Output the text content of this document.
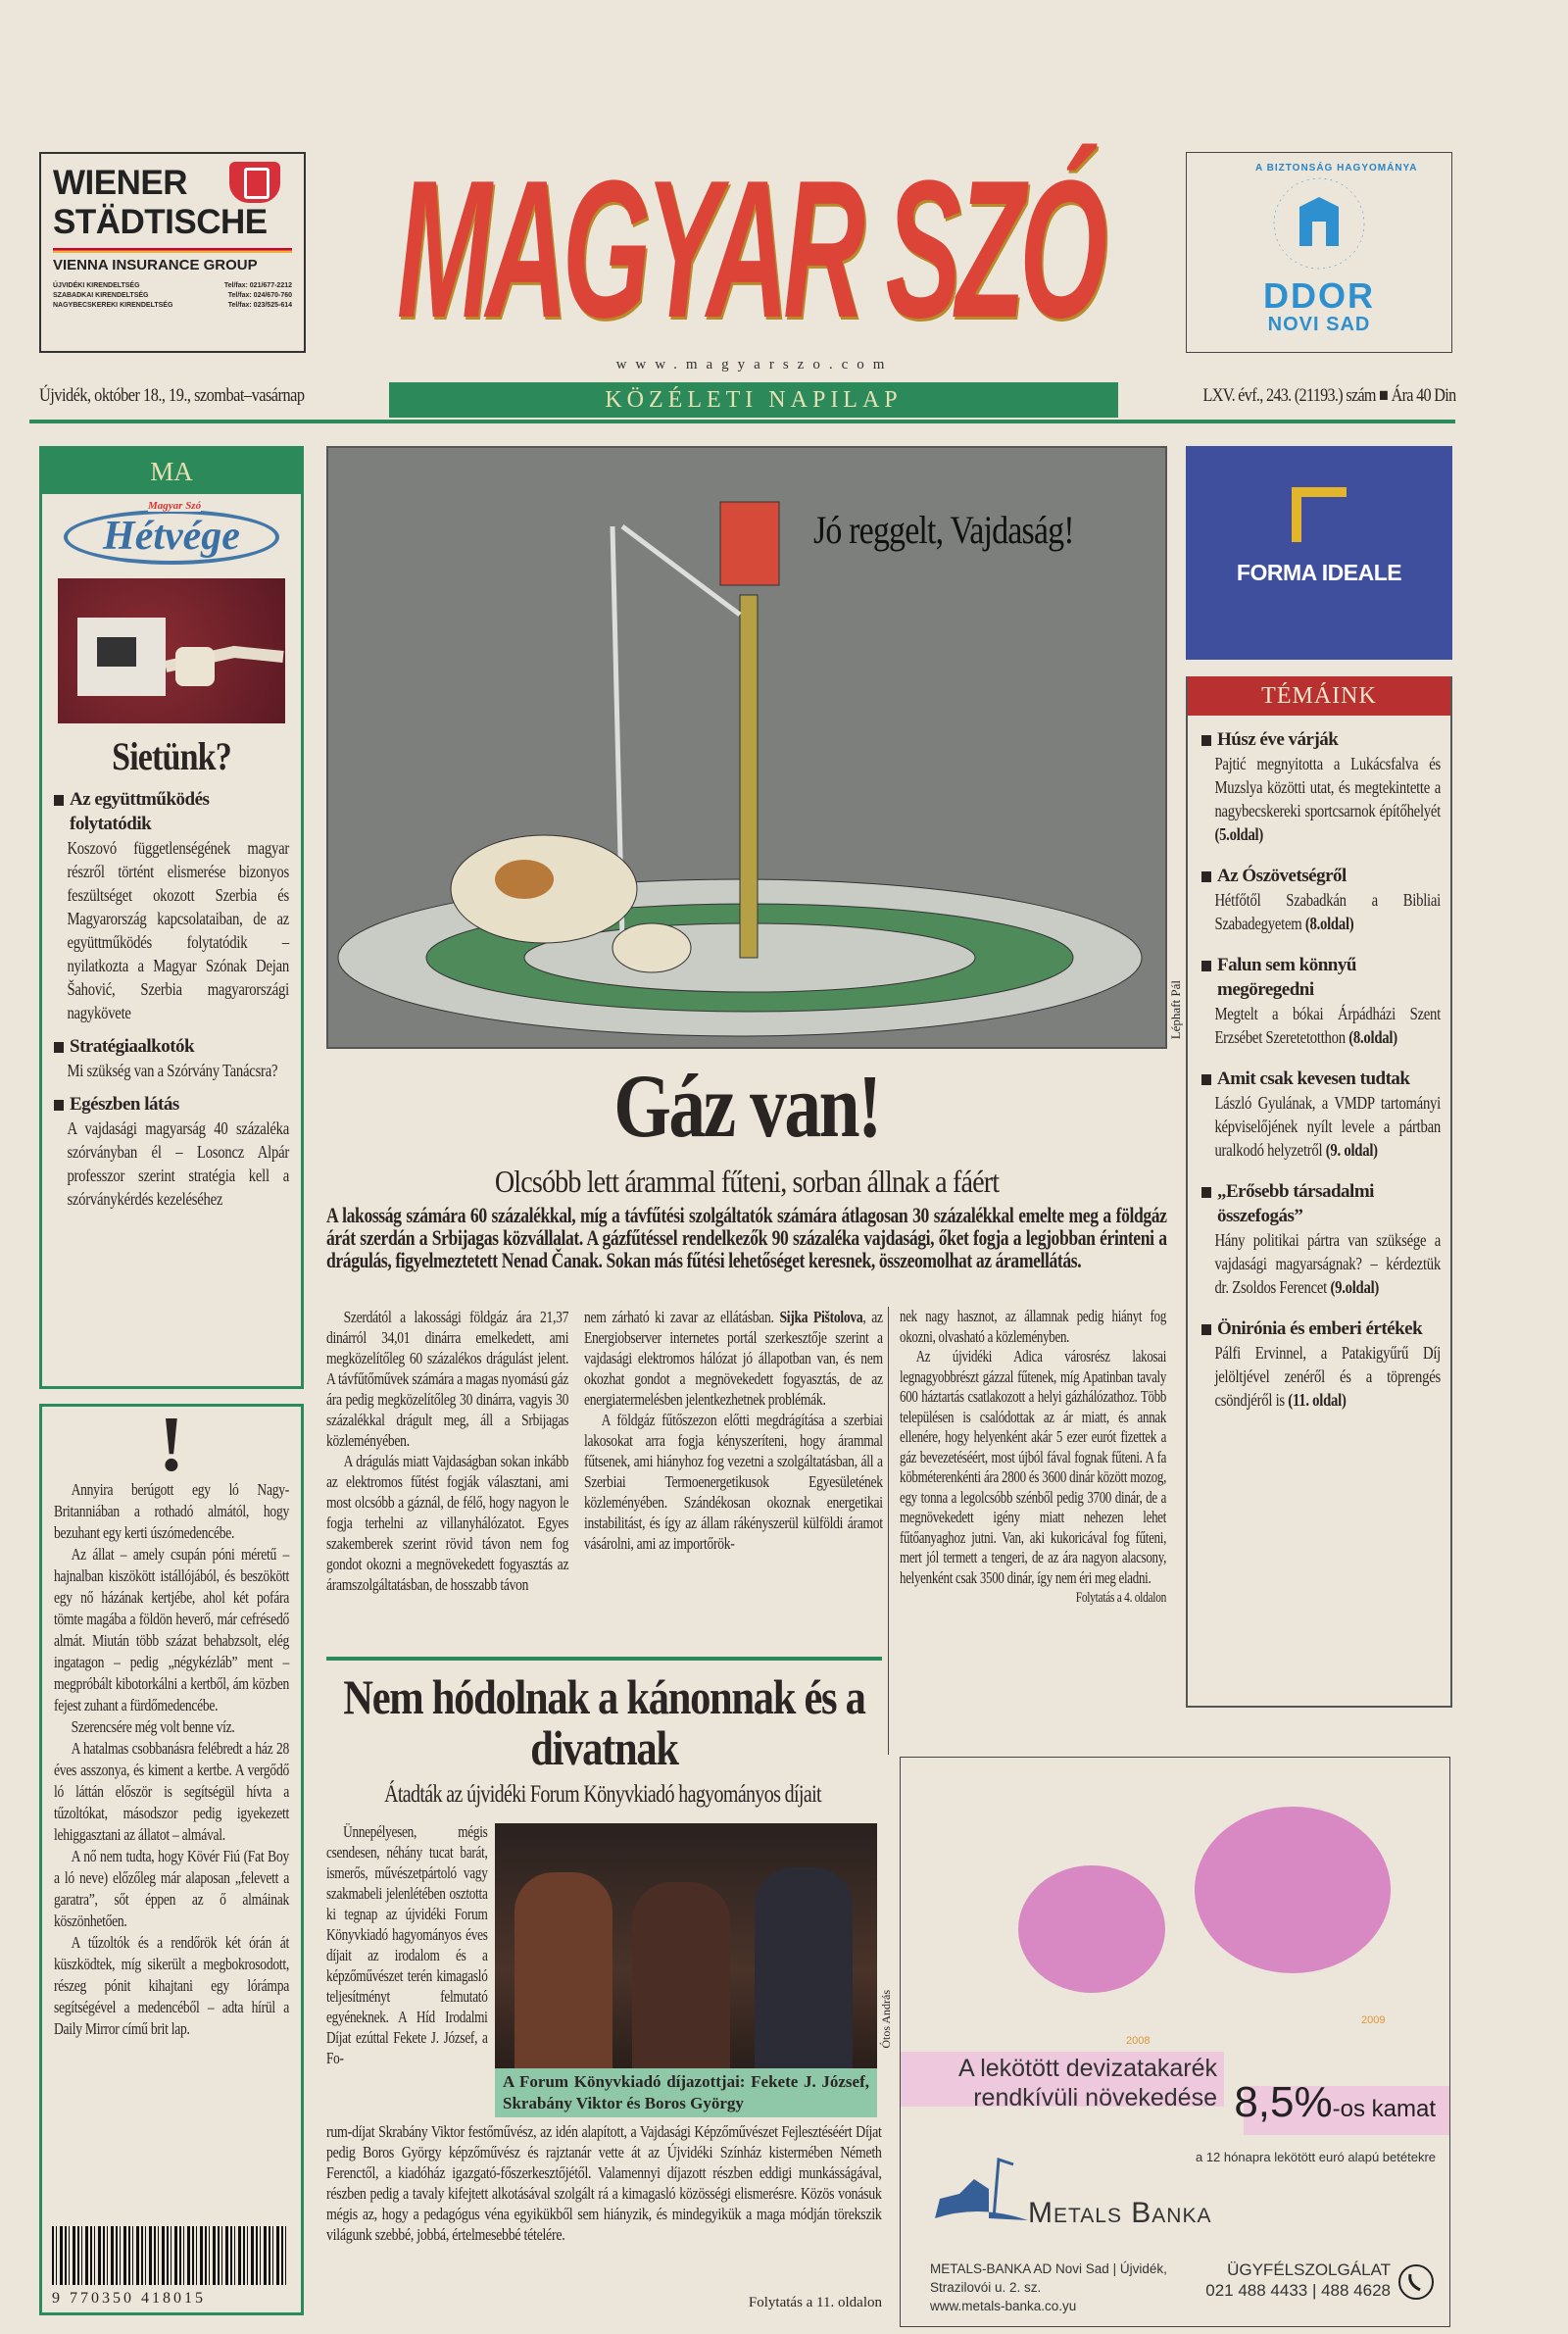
WIENER
STÄDTISCHE
VIENNA INSURANCE GROUP
ÚJVIDÉKI KIRENDELTSÉG	Tel/fax: 021/677-2212
SZABADKAI KIRENDELTSÉG	Tel/fax: 024/670-760
NAGYBECSKEREKI KIRENDELTSÉG	Tel/fax: 023/525-614 MAGYAR SZÓ
www.magyarszo.com
A BIZTONSÁG HAGYOMÁNYA
DDOR
NOVI SAD
Újvidék, október 18., 19., szombat–vasárnap	KÖZÉLETI NAPILAP	LXV. évf., 243. (21193.) szám ■ Ára 40 Din
MA
Magyar Szó
Hétvége
Sietünk?
Az együttműködés folytatódik
Koszovó függetlenségének magyar részről történt elismerése bizonyos feszültséget okozott Szerbia és Magyarország kapcsolataiban, de az együttműködés folytatódik – nyilatkozta a Magyar Szónak Dejan Šahović, Szerbia magyarországi nagykövete
Stratégiaalkotók
Mi szükség van a Szórvány Tanácsra?
Egészben látás
A vajdasági magyarság 40 százaléka szórványban él – Losoncz Alpár professzor szerint stratégia kell a szórványkérdés kezeléséhez
!

Annyira berúgott egy ló Nagy-Britanniában a rothadó almától, hogy bezuhant egy kerti úszómedencébe.

Az állat – amely csupán póni méretű – hajnalban kiszökött istállójából, és beszökött egy nő házának kertjébe, ahol két pofára tömte magába a földön heverő, már cefrésedő almát. Miután több százat behabzsolt, elég ingatagon – pedig „négykézláb” ment – megpróbált kibotorkálni a kertből, ám közben fejest zuhant a fürdőmedencébe.

Szerencsére még volt benne víz.

A hatalmas csobbanásra felébredt a ház 28 éves asszonya, és kiment a kertbe. A vergődő ló láttán először is segítségül hívta a tűzoltókat, másodszor pedig igyekezett lehiggasztani az állatot – almával.

A nő nem tudta, hogy Kövér Fiú (Fat Boy a ló neve) előzőleg már alaposan „felevett a garatra”, sőt éppen az ő almáinak köszönhetően.

A tűzoltók és a rendőrök két órán át küszködtek, míg sikerült a megbokrosodott, részeg pónit kihajtani egy lórámpa segítségével a medencéből – adta hírül a Daily Mirror című brit lap.

9 770350 418015
Jó reggelt, Vajdaság!
Léphaft Pál
Gáz van!
Olcsóbb lett árammal fűteni, sorban állnak a fáért
A lakosság számára 60 százalékkal, míg a távfűtési szolgáltatók számára átlagosan 30 százalékkal emelte meg a földgáz árát szerdán a Srbijagas közvállalat. A gázfűtéssel rendelkezők 90 százaléka vajdasági, őket fogja a legjobban érinteni a drágulás, figyelmeztetett Nenad Čanak. Sokan más fűtési lehetőséget keresnek, összeomolhat az áramellátás.

Szerdától a lakossági földgáz ára 21,37 dinárról 34,01 dinárra emelkedett, ami megközelítőleg 60 százalékos drágulást jelent. A távfűtőművek számára a magas nyomású gáz ára pedig megközelítőleg 30 dinárra, vagyis 30 százalékkal drágult meg, áll a Srbijagas közleményében.

A drágulás miatt Vajdaságban sokan inkább az elektromos fűtést fogják választani, ami most olcsóbb a gáznál, de félő, hogy nagyon le fogja terhelni az villanyhálózatot. Egyes szakemberek szerint rövid távon nem fog gondot okozni a megnövekedett fogyasztás az áramszolgáltatásban, de hosszabb távon

nem zárható ki zavar az ellátásban. Sijka Pištolova, az Energiobserver internetes portál szerkesztője szerint a vajdasági elektromos hálózat jó állapotban van, és nem okozhat gondot a megnövekedett fogyasztás, de az energiatermelésben jelentkezhetnek problémák.

A földgáz fűtőszezon előtti megdrágítása a szerbiai lakosokat arra fogja kényszeríteni, hogy árammal fűtsenek, ami hiányhoz fog vezetni a szolgáltatásban, áll a Szerbiai Termoenergetikusok Egyesületének közleményében. Szándékosan okoznak energetikai instabilitást, és így az állam rákényszerül külföldi áramot vásárolni, ami az importőrök-

nek nagy hasznot, az államnak pedig hiányt fog okozni, olvasható a közleményben.

Az újvidéki Adica városrész lakosai legnagyobbrészt gázzal fűtenek, míg Apatinban tavaly 600 háztartás csatlakozott a helyi gázhálózathoz. Több településen is csalódottak az ár miatt, és annak ellenére, hogy helyenként akár 5 ezer eurót fizettek a gáz bevezetéséért, most újból fával fognak fűteni. A fa köbméterenkénti ára 2800 és 3600 dinár között mozog, egy tonna a legolcsóbb szénből pedig 3700 dinár, de a megnövekedett igény miatt nehezen lehet fűtőanyaghoz jutni. Van, aki kukoricával fog fűteni, mert jól termett a tengeri, de az ára nagyon alacsony, helyenként csak 3500 dinár, így nem éri meg eladni.

Folytatás a 4. oldalon
FORMA IDEALE
TÉMÁINK
Húsz éve várják
Pajtić megnyitotta a Lukácsfalva és Muzslya közötti utat, és megtekintette a nagybecskereki sportcsarnok építőhelyét (5.oldal)
Az Ószövetségről
Hétfőtől Szabadkán a Bibliai Szabadegyetem (8.oldal)
Falun sem könnyű megöregedni
Megtelt a bókai Árpádházi Szent Erzsébet Szeretetotthon (8.oldal)
Amit csak kevesen tudtak
László Gyulának, a VMDP tartományi képviselőjének nyílt levele a pártban uralkodó helyzetről (9. oldal)
„Erősebb társadalmi összefogás”
Hány politikai pártra van szüksége a vajdasági magyarságnak? – kérdeztük dr. Zsoldos Ferencet (9.oldal)
Önirónia és emberi értékek
Pálfi Ervinnel, a Patakigyűrű Díj jelöltjével zenéről és a töprengés csöndjéről is (11. oldal)
Nem hódolnak a kánonnak és a divatnak
Átadták az újvidéki Forum Könyvkiadó hagyományos díjait

Ünnepélyesen, mégis csendesen, néhány tucat barát, ismerős, művészetpártoló vagy szakmabeli jelenlétében osztotta ki tegnap az újvidéki Forum Könyvkiadó hagyományos éves díjait az irodalom és a képzőművészet terén kimagasló teljesítményt felmutató egyéneknek. A Híd Irodalmi Díjat ezúttal Fekete J. József, a Fo-

Ótos András
A Forum Könyvkiadó díjazottjai: Fekete J. József, Skrabány Viktor és Boros György

rum-díjat Skrabány Viktor festőművész, az idén alapított, a Vajdasági Képzőművészet Fejlesztéséért Díjat pedig Boros György képzőművész és rajztanár vette át az Újvidéki Színház kistermében Németh Ferenctől, a kiadóház igazgató-főszerkesztőjétől. Valamennyi díjazott részben eddigi munkásságával, részben pedig a tavaly kifejtett alkotásával szolgált rá a kimagasló közösségi elismerésre. Közös vonásuk mégis az, hogy a pedagógus véna egyikükből sem hiányzik, és mindegyikük a maga módján törekszik világunk szebbé, jobbá, értelmesebbé tételére.

Folytatás a 11. oldalon
2008
2009
A lekötött devizatakarék
rendkívüli növekedése 8,5%-os kamat
a 12 hónapra lekötött euró alapú betétekre
Metals Banka
METALS-BANKA AD Novi Sad | Újvidék,
Strazilovói u. 2. sz.
www.metals-banka.co.yu
ÜGYFÉLSZOLGÁLAT
021 488 4433 | 488 4628
